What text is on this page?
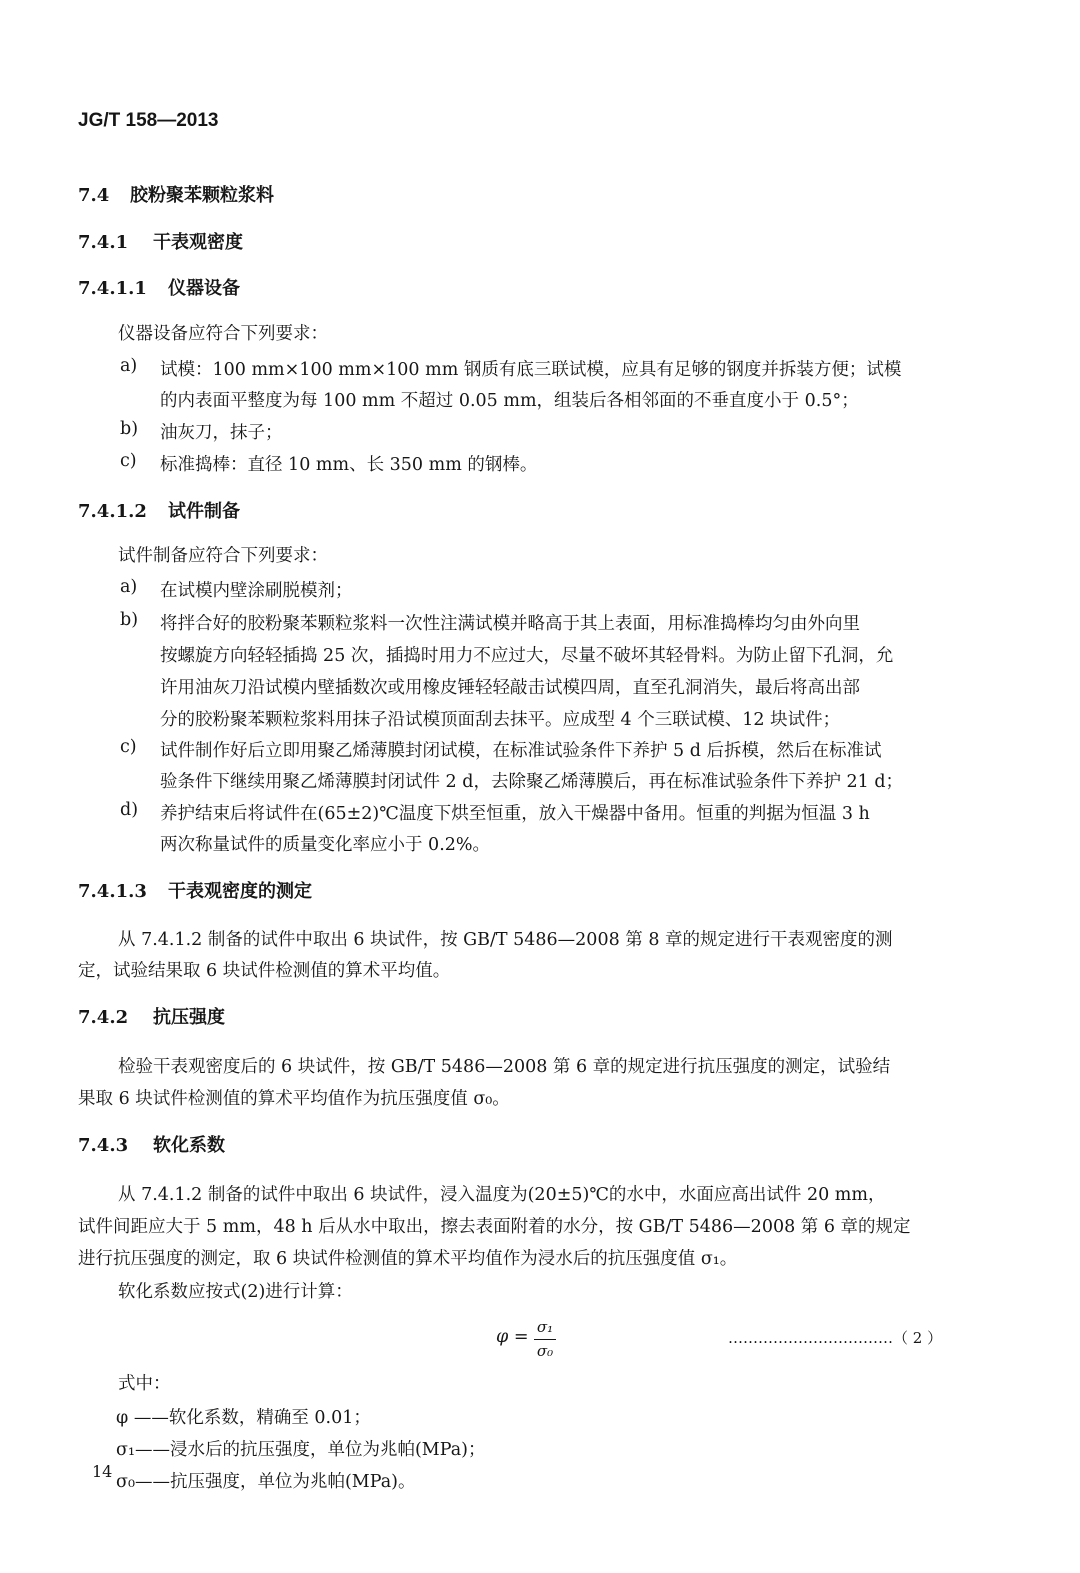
JG/T 158—2013
7.4 胶粉聚苯颗粒浆料
7.4.1 干表观密度
7.4.1.1 仪器设备
仪器设备应符合下列要求：
a) 试模：100 mm×100 mm×100 mm 钢质有底三联试模，应具有足够的钢度并拆装方便；试模
的内表面平整度为每 100 mm 不超过 0.05 mm，组装后各相邻面的不垂直度小于 0.5°；
b) 油灰刀，抹子；
c) 标准捣棒：直径 10 mm、长 350 mm 的钢棒。
7.4.1.2 试件制备
试件制备应符合下列要求：
a) 在试模内壁涂刷脱模剂；
b) 将拌合好的胶粉聚苯颗粒浆料一次性注满试模并略高于其上表面，用标准捣棒均匀由外向里
按螺旋方向轻轻插捣 25 次，插捣时用力不应过大，尽量不破坏其轻骨料。为防止留下孔洞，允
许用油灰刀沿试模内壁插数次或用橡皮锤轻轻敲击试模四周，直至孔洞消失，最后将高出部
分的胶粉聚苯颗粒浆料用抹子沿试模顶面刮去抹平。应成型 4 个三联试模、12 块试件；
c) 试件制作好后立即用聚乙烯薄膜封闭试模，在标准试验条件下养护 5 d 后拆模，然后在标准试
验条件下继续用聚乙烯薄膜封闭试件 2 d，去除聚乙烯薄膜后，再在标准试验条件下养护 21 d；
d) 养护结束后将试件在(65±2)℃温度下烘至恒重，放入干燥器中备用。恒重的判据为恒温 3 h
两次称量试件的质量变化率应小于 0.2%。
7.4.1.3 干表观密度的测定
从 7.4.1.2 制备的试件中取出 6 块试件，按 GB/T 5486—2008 第 8 章的规定进行干表观密度的测
定，试验结果取 6 块试件检测值的算术平均值。
7.4.2 抗压强度
检验干表观密度后的 6 块试件，按 GB/T 5486—2008 第 6 章的规定进行抗压强度的测定，试验结
果取 6 块试件检测值的算术平均值作为抗压强度值 σ₀。
7.4.3 软化系数
从 7.4.1.2 制备的试件中取出 6 块试件，浸入温度为(20±5)℃的水中，水面应高出试件 20 mm，
试件间距应大于 5 mm，48 h 后从水中取出，擦去表面附着的水分，按 GB/T 5486—2008 第 6 章的规定
进行抗压强度的测定，取 6 块试件检测值的算术平均值作为浸水后的抗压强度值 σ₁。
软化系数应按式(2)进行计算：
φ = σ₁
σ₀
……………………………（ 2 ）
式中：
φ ——软化系数，精确至 0.01；
σ₁——浸水后的抗压强度，单位为兆帕(MPa)；
σ₀——抗压强度，单位为兆帕(MPa)。
14
